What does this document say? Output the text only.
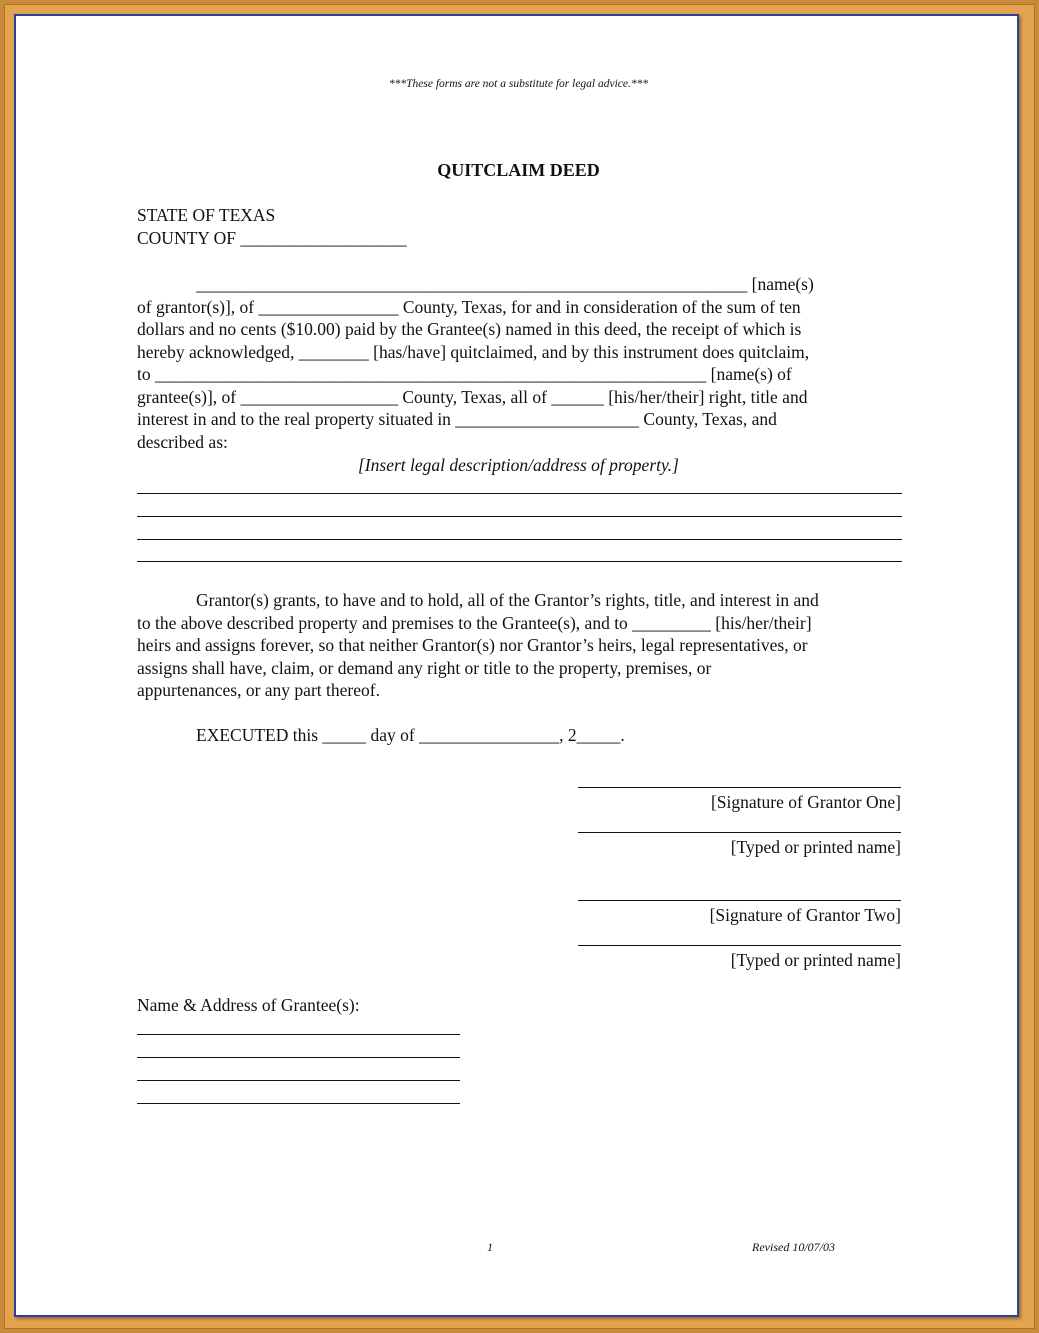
***These forms are not a substitute for legal advice.***
QUITCLAIM DEED
STATE OF TEXAS
COUNTY OF ___________________
_______________________________________________________________ [name(s)
of grantor(s)], of ________________ County, Texas, for and in consideration of the sum of ten
dollars and no cents ($10.00) paid by the Grantee(s) named in this deed, the receipt of which is
hereby acknowledged, ________ [has/have] quitclaimed, and by this instrument does quitclaim,
to _______________________________________________________________ [name(s) of
grantee(s)], of __________________ County, Texas, all of ______ [his/her/their] right, title and
interest in and to the real property situated in _____________________ County, Texas, and
described as:
[Insert legal description/address of property.]
Grantor(s) grants, to have and to hold, all of the Grantor’s rights, title, and interest in and
to the above described property and premises to the Grantee(s), and to _________ [his/her/their]
heirs and assigns forever, so that neither Grantor(s) nor Grantor’s heirs, legal representatives, or
assigns shall have, claim, or demand any right or title to the property, premises, or
appurtenances, or any part thereof.
EXECUTED this _____ day of ________________, 2_____.
[Signature of Grantor One]
[Typed or printed name]
[Signature of Grantor Two]
[Typed or printed name]
Name & Address of Grantee(s):
1	Revised 10/07/03
